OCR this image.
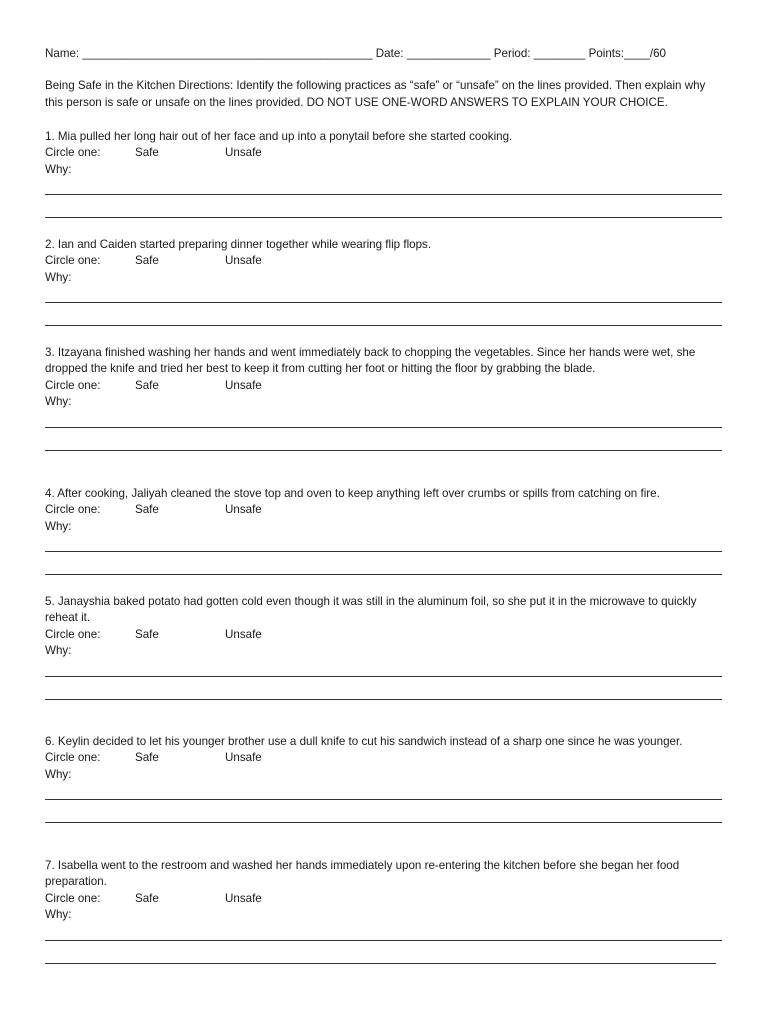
Name: _____________________________________________ Date: _____________ Period: ________ Points:____/60
Being Safe in the Kitchen Directions: Identify the following practices as “safe” or “unsafe” on the lines provided. Then explain why this person is safe or unsafe on the lines provided. DO NOT USE ONE-WORD ANSWERS TO EXPLAIN YOUR CHOICE.
1. Mia pulled her long hair out of her face and up into a ponytail before she started cooking.
Circle one:	Safe	Unsafe
Why:
2. Ian and Caiden started preparing dinner together while wearing flip flops.
Circle one:	Safe	Unsafe
Why:
3. Itzayana finished washing her hands and went immediately back to chopping the vegetables. Since her hands were wet, she dropped the knife and tried her best to keep it from cutting her foot or hitting the floor by grabbing the blade.
Circle one:	Safe	Unsafe
Why:
4. After cooking, Jaliyah cleaned the stove top and oven to keep anything left over crumbs or spills from catching on fire.
Circle one:	Safe	Unsafe
Why:
5. Janayshia baked potato had gotten cold even though it was still in the aluminum foil, so she put it in the microwave to quickly reheat it.
Circle one:	Safe	Unsafe
Why:
6. Keylin decided to let his younger brother use a dull knife to cut his sandwich instead of a sharp one since he was younger.
Circle one:	Safe	Unsafe
Why:
7. Isabella went to the restroom and washed her hands immediately upon re-entering the kitchen before she began her food preparation.
Circle one:	Safe	Unsafe
Why:
